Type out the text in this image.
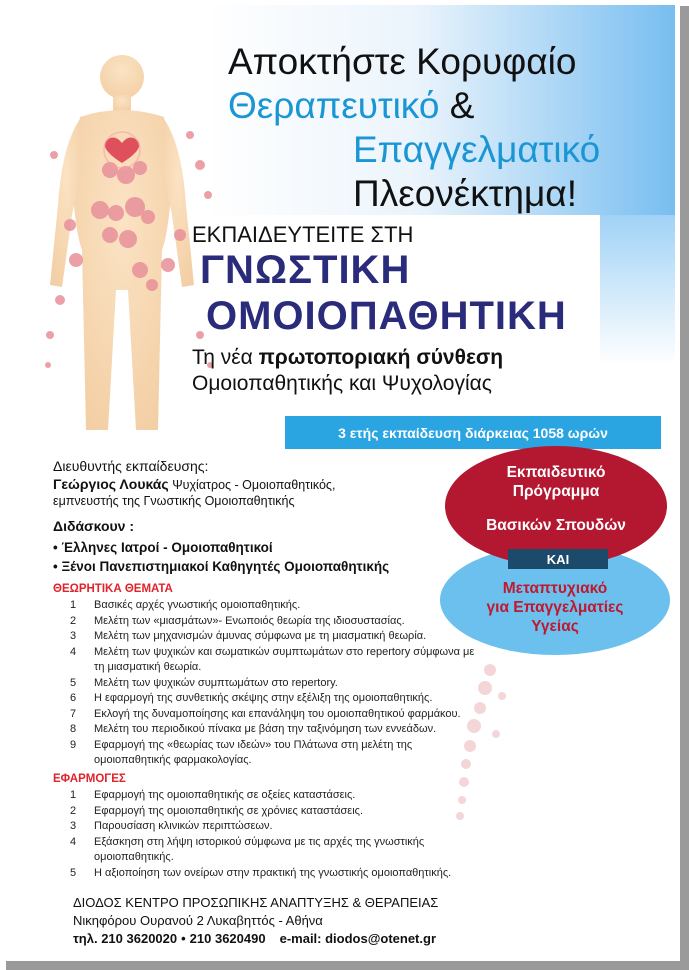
Αποκτήστε Κορυφαίο
Θεραπευτικό &
Επαγγελματικό
Πλεονέκτημα!
ΕΚΠΑΙΔΕΥΤΕΙΤΕ ΣΤΗ
ΓΝΩΣΤΙΚΗ
ΟΜΟΙΟΠΑΘΗΤΙΚΗ
Τη νέα πρωτοποριακή σύνθεση
Ομοιοπαθητικής και Ψυχολογίας
3 ετής εκπαίδευση διάρκειας 1058 ωρών
Διευθυντής εκπαίδευσης:
Γεώργιος Λουκάς Ψυχίατρος - Ομοιοπαθητικός,
εμπνευστής της Γνωστικής Ομοιοπαθητικής
Διδάσκουν :
• Έλληνες Ιατροί - Ομοιοπαθητικοί
• Ξένοι Πανεπιστημιακοί Καθηγητές Ομοιοπαθητικής
ΘΕΩΡΗΤΙΚΑ ΘΕΜΑΤΑ
1	Βασικές αρχές γνωστικής ομοιοπαθητικής.
2	Μελέτη των «μιασμάτων»- Ενωποιός θεωρία της ιδιοσυστασίας.
3	Μελέτη των μηχανισμών άμυνας σύμφωνα με τη μιασματική θεωρία.
4	Μελέτη των ψυχικών και σωματικών συμπτωμάτων στο repertory σύμφωνα με
τη μιασματική θεωρία.
5	Μελέτη των ψυχικών συμπτωμάτων στο repertory.
6	Η εφαρμογή της συνθετικής σκέψης στην εξέλιξη της ομοιοπαθητικής.
7	Εκλογή της δυναμοποίησης και επανάληψη του ομοιοπαθητικού φαρμάκου.
8	Μελέτη του περιοδικού πίνακα με βάση την ταξινόμηση των εννεάδων.
9	Εφαρμογή της «θεωρίας των ιδεών» του Πλάτωνα στη μελέτη της
ομοιοπαθητικής φαρμακολογίας.
ΕΦΑΡΜΟΓΕΣ
1	Εφαρμογή της ομοιοπαθητικής σε οξείες καταστάσεις.
2	Εφαρμογή της ομοιοπαθητικής σε χρόνιες καταστάσεις.
3	Παρουσίαση κλινικών περιπτώσεων.
4	Εξάσκηση στη λήψη ιστορικού σύμφωνα με τις αρχές της γνωστικής
ομοιοπαθητικής.
5	Η αξιοποίηση των ονείρων στην πρακτική της γνωστικής ομοιοπαθητικής.
Μεταπτυχιακό
για Επαγγελματίες
Υγείας
Εκπαιδευτικό
Πρόγραμμα
Βασικών Σπουδών
ΚΑΙ
ΔΙΟΔΟΣ ΚΕΝΤΡΟ ΠΡΟΣΩΠΙΚΗΣ ΑΝΑΠΤΥΞΗΣ & ΘΕΡΑΠΕΙΑΣ
Νικηφόρου Ουρανού 2 Λυκαβηττός - Αθήνα
τηλ. 210 3620020 • 210 3620490 e-mail: diodos@otenet.gr
